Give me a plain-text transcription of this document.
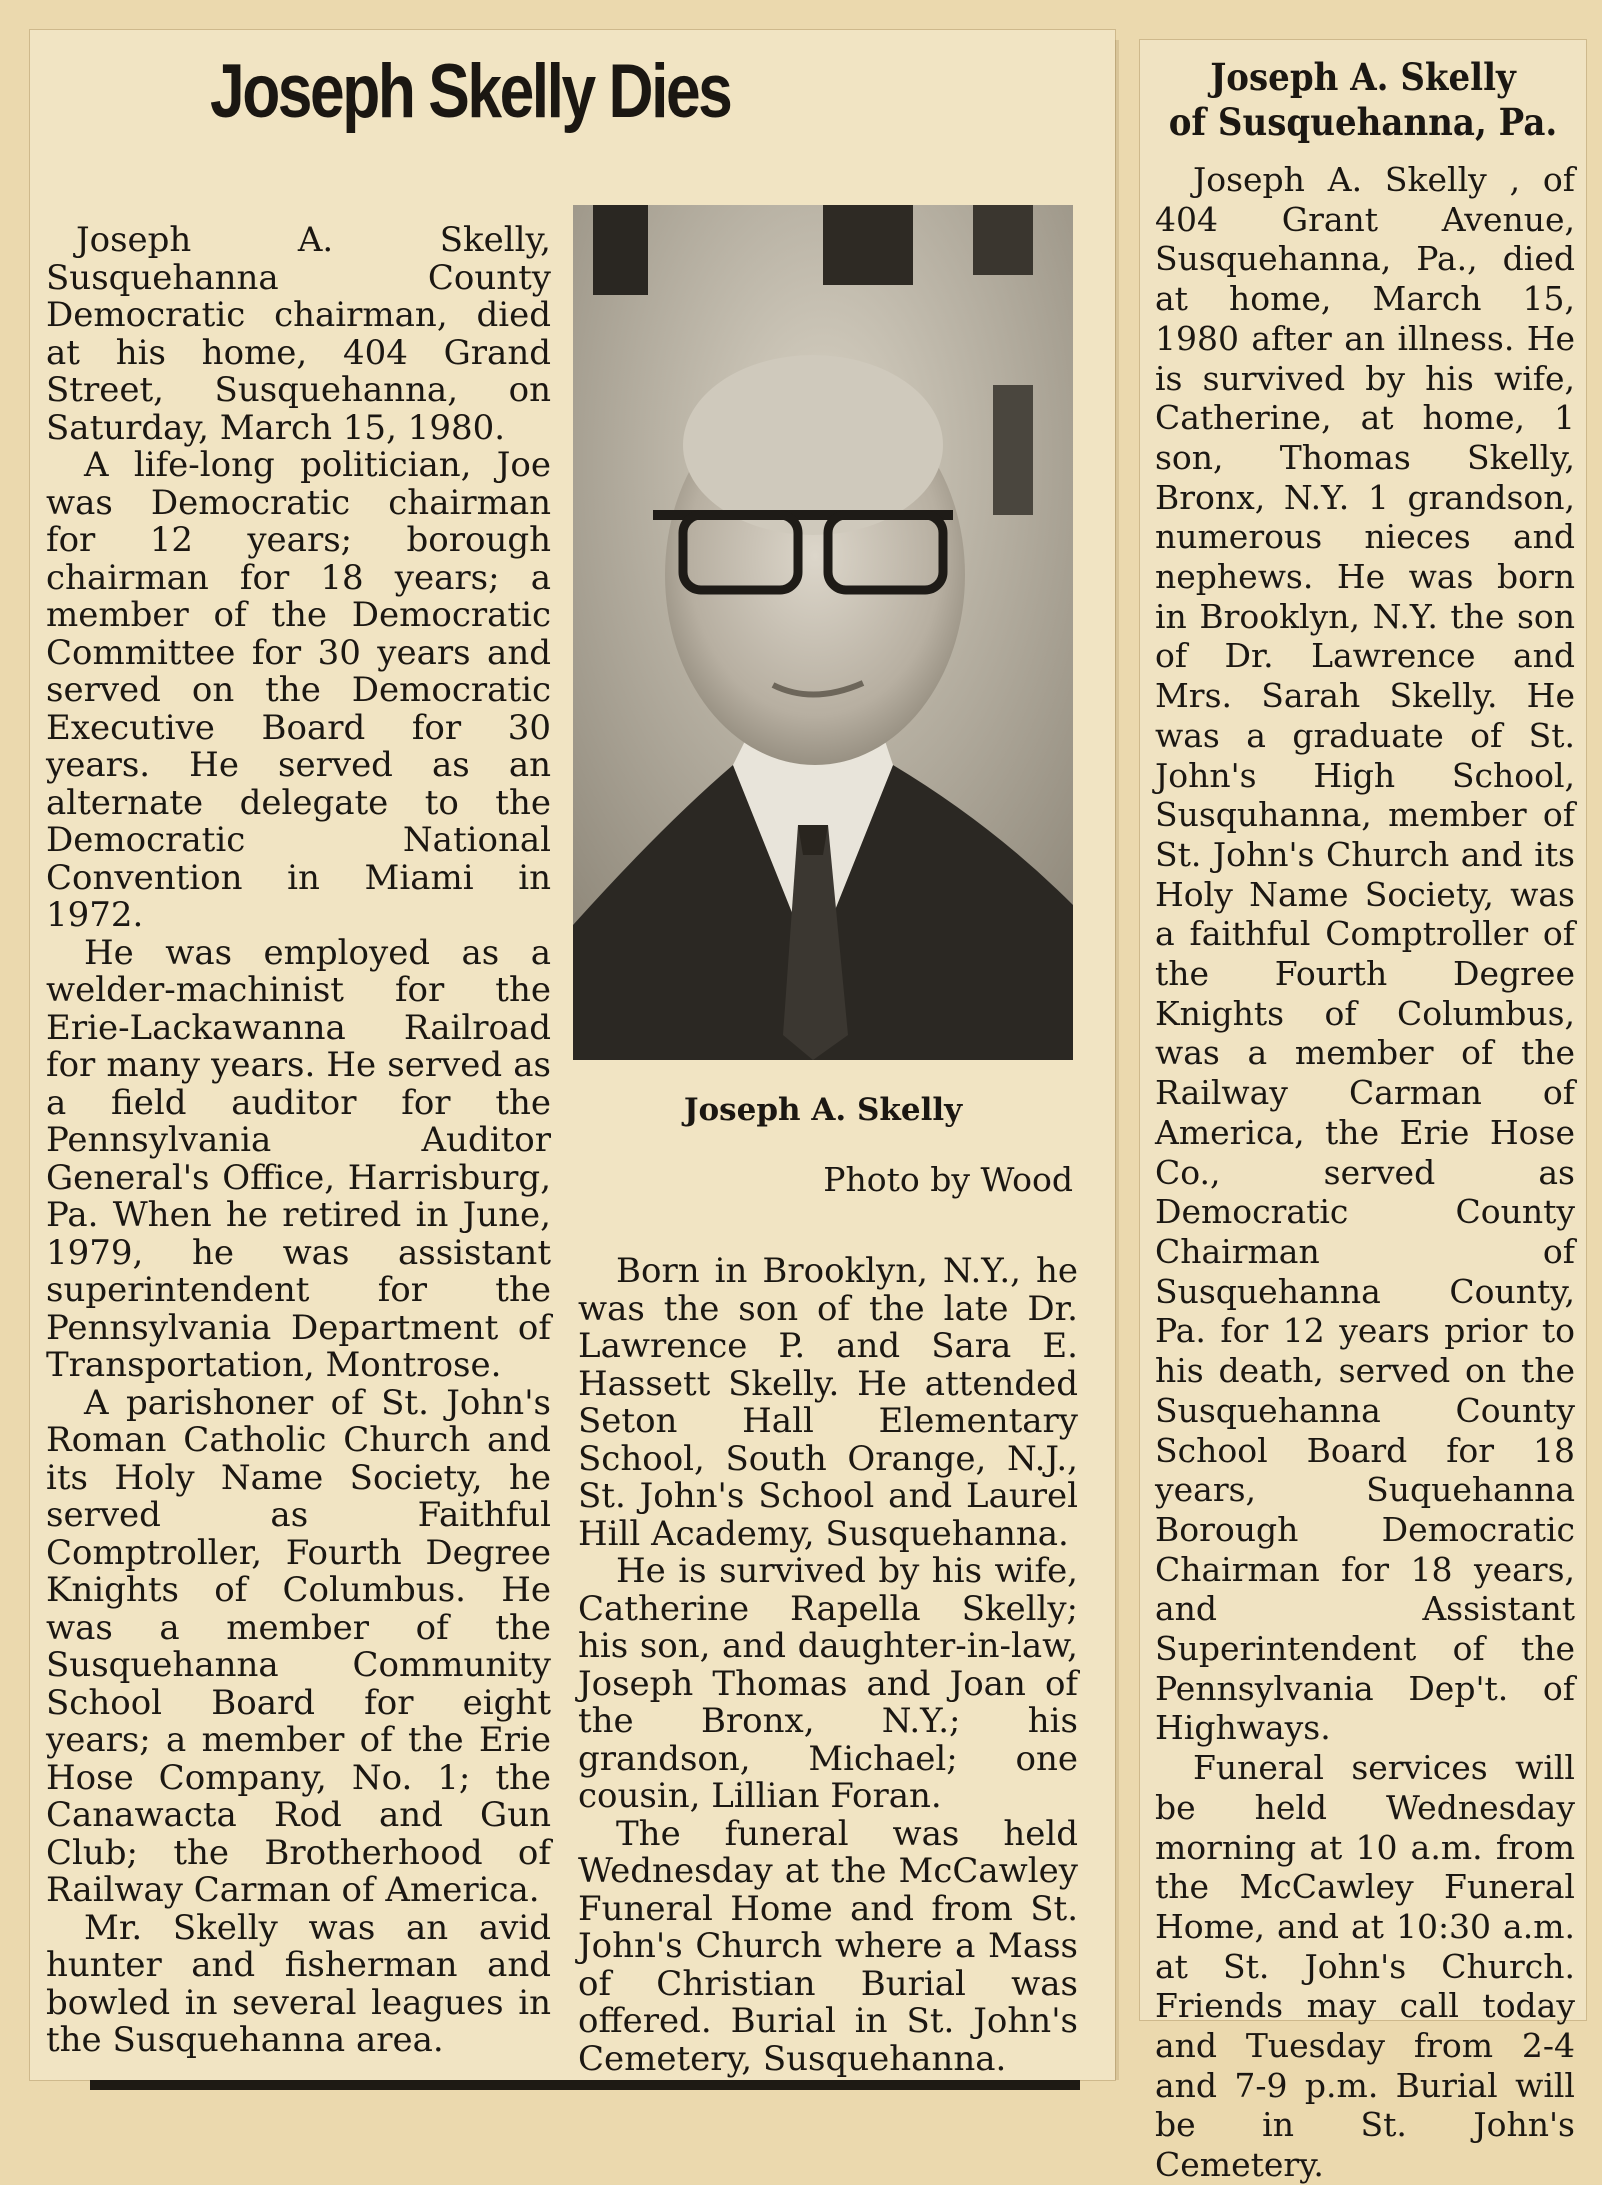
Joseph Skelly Dies

Joseph A. Skelly, Susquehanna County Democratic chairman, died at his home, 404 Grand Street, Susquehanna, on Saturday, March 15, 1980.

A life-long politician, Joe was Democratic chairman for 12 years; borough chairman for 18 years; a member of the Democratic Committee for 30 years and served on the Democratic Executive Board for 30 years. He served as an alternate delegate to the Democratic National Convention in Miami in 1972.

He was employed as a welder-machinist for the Erie-Lackawanna Railroad for many years. He served as a field auditor for the Pennsylvania Auditor General's Office, Harrisburg, Pa. When he retired in June, 1979, he was assistant superintendent for the Pennsylvania Department of Transportation, Montrose.

A parishoner of St. John's Roman Catholic Church and its Holy Name Society, he served as Faithful Comptroller, Fourth Degree Knights of Columbus. He was a member of the Susquehanna Community School Board for eight years; a member of the Erie Hose Company, No. 1; the Canawacta Rod and Gun Club; the Brotherhood of Railway Carman of America.

Mr. Skelly was an avid hunter and fisherman and bowled in several leagues in the Susquehanna area.

Joseph A. Skelly
Photo by Wood

Born in Brooklyn, N.Y., he was the son of the late Dr. Lawrence P. and Sara E. Hassett Skelly. He attended Seton Hall Elementary School, South Orange, N.J., St. John's School and Laurel Hill Academy, Susquehanna.

He is survived by his wife, Catherine Rapella Skelly; his son, and daughter-in-law, Joseph Thomas and Joan of the Bronx, N.Y.; his grandson, Michael; one cousin, Lillian Foran.

The funeral was held Wednesday at the McCawley Funeral Home and from St. John's Church where a Mass of Christian Burial was offered. Burial in St. John's Cemetery, Susquehanna.

Joseph A. Skelly
of Susquehanna, Pa.

Joseph A. Skelly , of 404 Grant Avenue, Susquehanna, Pa., died at home, March 15, 1980 after an illness. He is survived by his wife, Catherine, at home, 1 son, Thomas Skelly, Bronx, N.Y. 1 grandson, numerous nieces and nephews. He was born in Brooklyn, N.Y. the son of Dr. Lawrence and Mrs. Sarah Skelly. He was a graduate of St. John's High School, Susquhanna, member of St. John's Church and its Holy Name Society, was a faithful Comptroller of the Fourth Degree Knights of Columbus, was a member of the Railway Carman of America, the Erie Hose Co., served as Democratic County Chairman of Susquehanna County, Pa. for 12 years prior to his death, served on the Susquehanna County School Board for 18 years, Suquehanna Borough Democratic Chairman for 18 years, and Assistant Superintendent of the Pennsylvania Dep't. of Highways.

Funeral services will be held Wednesday morning at 10 a.m. from the McCawley Funeral Home, and at 10:30 a.m. at St. John's Church. Friends may call today and Tuesday from 2-4 and 7-9 p.m. Burial will be in St. John's Cemetery.
